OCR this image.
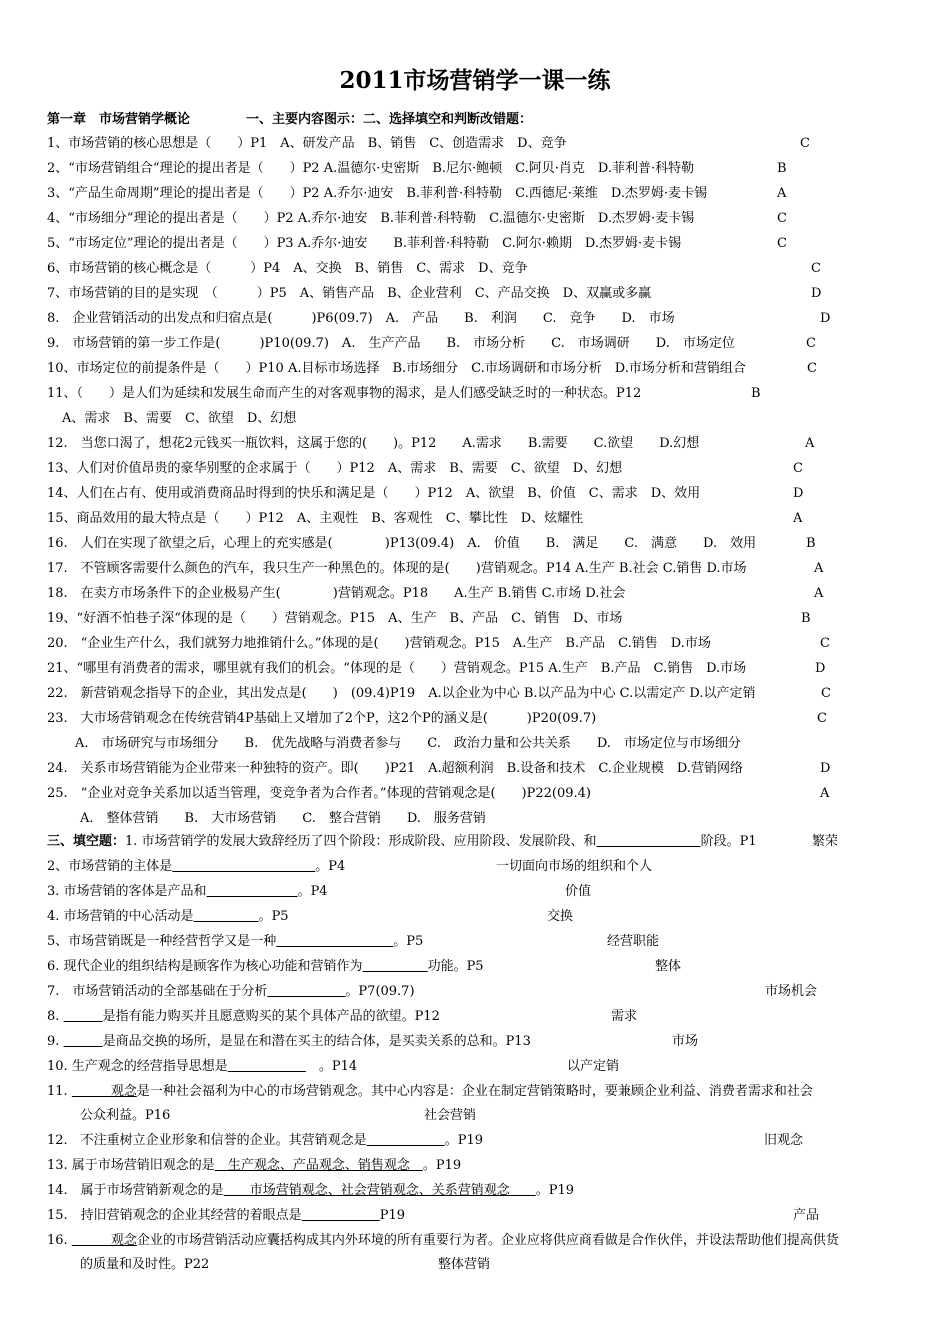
2011市场营销学一课一练
第一章　市场营销学概论	一、主要内容图示：二、选择填空和判断改错题：
1、市场营销的核心思想是（　　）P1　A、研发产品　B、销售　C、创造需求　D、竞争	C
2、“市场营销组合“理论的提出者是（　　）P2 A.温德尔·史密斯　B.尼尔·鲍顿　C.阿贝·肖克　D.菲利普·科特勒	B
3、“产品生命周期”理论的提出者是（　　）P2 A.乔尔·迪安　B.菲利普·科特勒　C.西德尼·莱维　D.杰罗姆·麦卡锡	A
4、“市场细分”理论的提出者是（　　）P2 A.乔尔·迪安　B.菲利普·科特勒　C.温德尔·史密斯　D.杰罗姆·麦卡锡	C
5、“市场定位”理论的提出者是（　　）P3 A.乔尔·迪安　　B.菲利普·科特勒　C.阿尔·赖期　D.杰罗姆·麦卡锡	C
6、市场营销的核心概念是（　　　）P4　A、交换　B、销售　C、需求　D、竞争	C
7、市场营销的目的是实现　（　　　）P5　A、销售产品　B、企业营利　C、产品交换　D、双赢或多赢	D
8.　企业营销活动的出发点和归宿点是(　　　)P6(09.7)　A.　产品　　B.　利润　　C.　竞争　　D.　市场	D
9.　市场营销的第一步工作是(　　　)P10(09.7)　A.　生产产品　　B.　市场分析　　C.　市场调研　　D.　市场定位	C
10、市场定位的前提条件是（　　）P10 A.目标市场选择　B.市场细分　C.市场调研和市场分析　D.市场分析和营销组合	C
11、（　　）是人们为延续和发展生命而产生的对客观事物的渴求，是人们感受缺乏时的一种状态。P12	B
A、需求　B、需要　C、欲望　D、幻想
12.　当您口渴了，想花2元钱买一瓶饮料，这属于您的(　　)。P12　　A.需求　　B.需要　　C.欲望　　D.幻想	A
13、人们对价值昂贵的豪华别墅的企求属于（　　）P12　A、需求　B、需要　C、欲望　D、幻想	C
14、人们在占有、使用或消费商品时得到的快乐和满足是（　　）P12　A、欲望　B、价值　C、需求　D、效用	D
15、商品效用的最大特点是（　　）P12　A、主观性　B、客观性　C、攀比性　D、炫耀性	A
16.　人们在实现了欲望之后，心理上的充实感是(　　　　)P13(09.4)　A.　价值　　B.　满足　　C.　满意　　D.　效用	B
17.　不管顾客需要什么颜色的汽车，我只生产一种黑色的。体现的是(　　)营销观念。P14 A.生产 B.社会 C.销售 D.市场	A
18.　在卖方市场条件下的企业极易产生(　　　　)营销观念。P18　　A.生产 B.销售 C.市场 D.社会	A
19、“好酒不怕巷子深“体现的是（　　）营销观念。P15　A、生产　B、产品　C、销售　D、市场	B
20.　“企业生产什么，我们就努力地推销什么。”体现的是(　　)营销观念。P15　A.生产　B.产品　C.销售　D.市场	C
21、“哪里有消费者的需求，哪里就有我们的机会。“体现的是（　　）营销观念。P15 A.生产　B.产品　C.销售　D.市场	D
22.　新营销观念指导下的企业，其出发点是(　　)　(09.4)P19　A.以企业为中心 B.以产品为中心 C.以需定产 D.以产定销	C
23.　大市场营销观念在传统营销4P基础上又增加了2个P，这2个P的涵义是(　　　)P20(09.7)	C
A.　市场研究与市场细分　　B.　优先战略与消费者参与　　C.　政治力量和公共关系　　D.　市场定位与市场细分
24.　关系市场营销能为企业带来一种独特的资产。即(　　)P21　A.超额利润　B.设备和技术　C.企业规模　D.营销网络	D
25.　“企业对竞争关系加以适当管理，变竞争者为合作者。”体现的营销观念是(　　)P22(09.4)	A
A.　整体营销　　B.　大市场营销　　C.　整合营销　　D.　服务营销
三、填空题：1. 市场营销学的发展大致辞经历了四个阶段：形成阶段、应用阶段、发展阶段、和　　　　　　　　	阶段。P1	繁荣
2、市场营销的主体是　　　　　　　　　　　	。P4	一切面向市场的组织和个人
3. 市场营销的客体是产品和　　　　　　　	。P4	价值
4. 市场营销的中心活动是　　　　　	。P5	交换
5、市场营销既是一种经营哲学又是一种　　　　　　　　　	。P5	经营职能
6. 现代企业的组织结构是顾客作为核心功能和营销作为　　　　　	功能。P5	整体
7.　市场营销活动的全部基础在于分析　　　　　　	。P7(09.7)	市场机会
8. 　　　	是指有能力购买并且愿意购买的某个具体产品的欲望。P12	需求
9. 　　　	是商品交换的场所，是显在和潜在买主的结合体，是买卖关系的总和。P13	市场
10. 生产观念的经营指导思想是　　　　　　	　。P14	以产定销
11. 　　　观念是一种社会福利为中心的市场营销观念。其中心内容是：企业在制定营销策略时，要兼顾企业利益、消费者需求和社会
公众利益。P16	社会营销
12.　不注重树立企业形象和信誉的企业。其营销观念是　　　　　　	。P19	旧观念
13. 属于市场营销旧观念的是　生产观念、产品观念、销售观念　。P19
14.　属于市场营销新观念的是　　市场营销观念、社会营销观念、关系营销观念　　。P19
15.　持旧营销观念的企业其经营的着眼点是　　　　　　	P19	产品
16. 　　　观念企业的市场营销活动应囊括构成其内外环境的所有重要行为者。企业应将供应商看做是合作伙伴，并设法帮助他们提高供货
的质量和及时性。P22	整体营销
